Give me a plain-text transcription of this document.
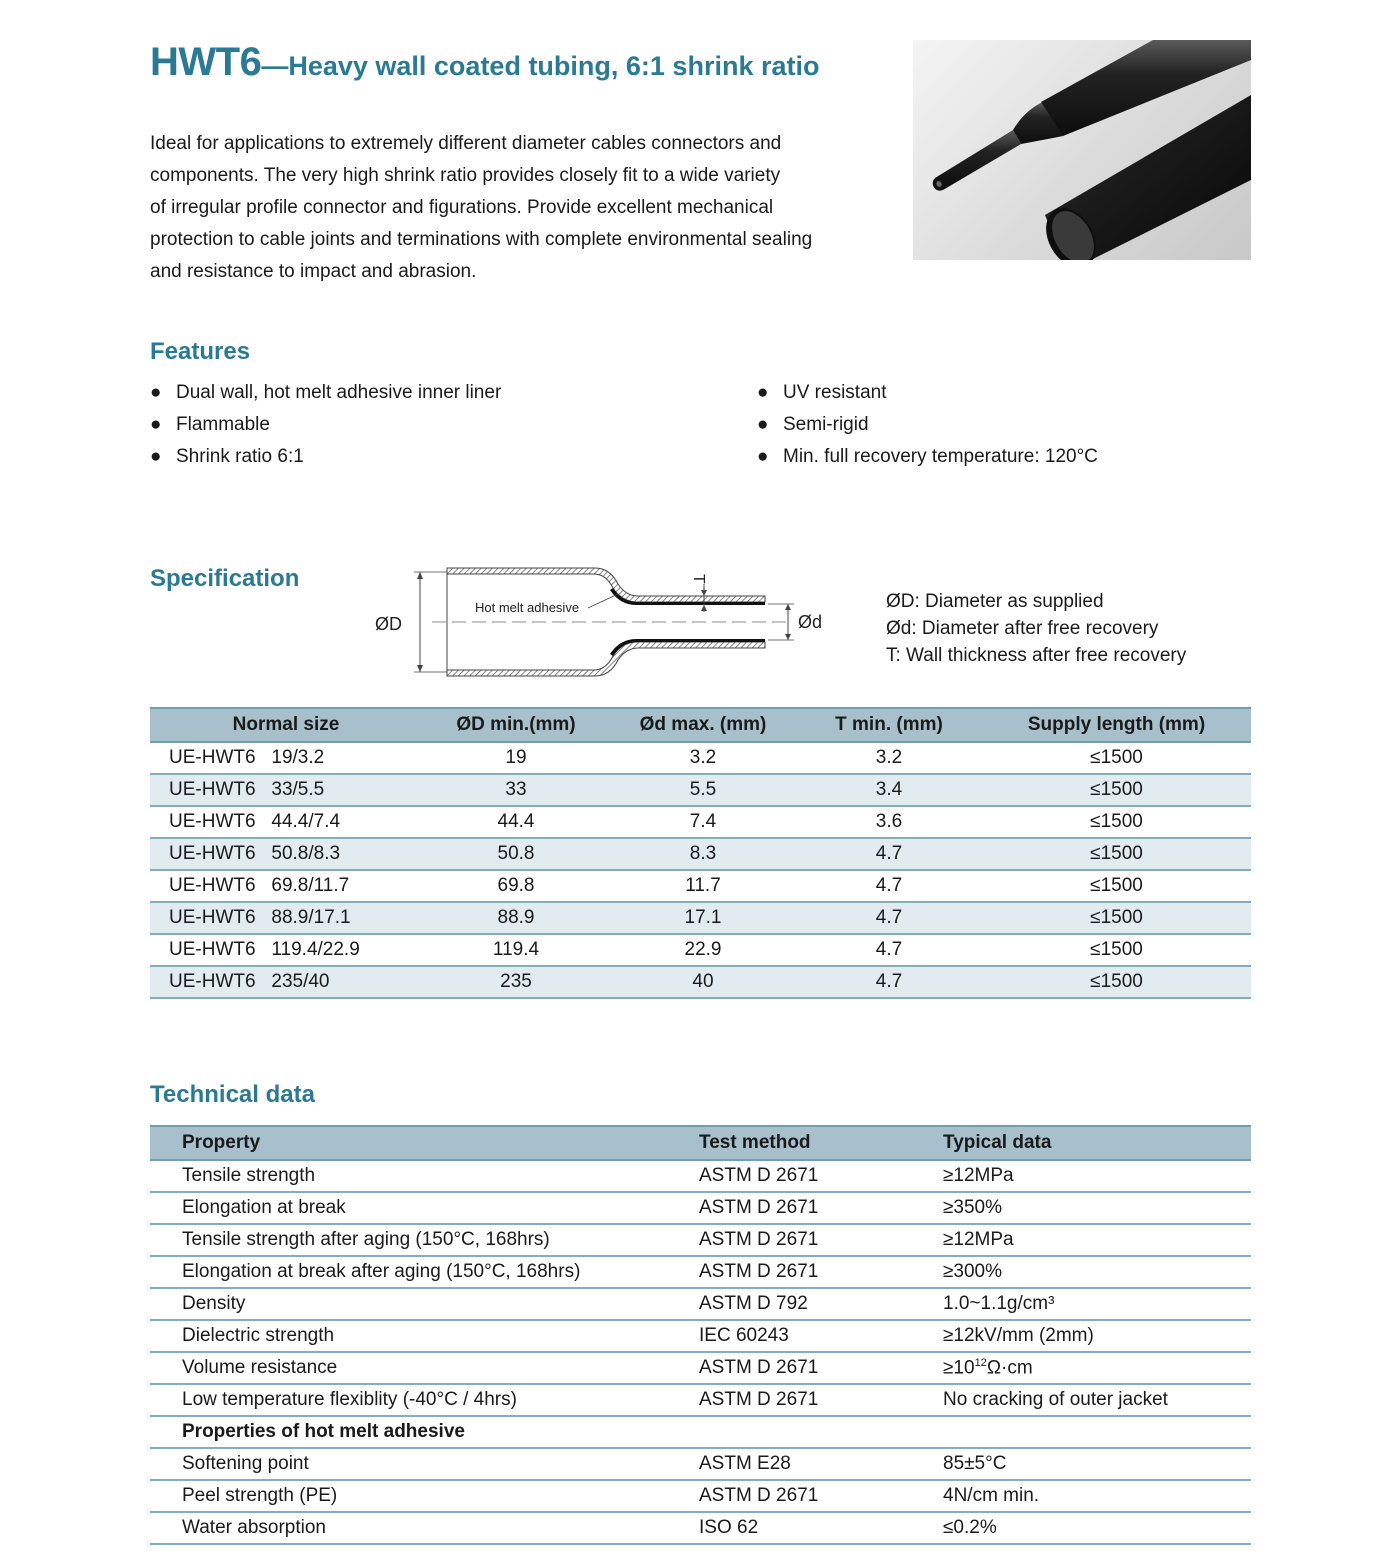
HWT6—Heavy wall coated tubing, 6:1 shrink ratio
Ideal for applications to extremely different diameter cables connectors and
components. The very high shrink ratio provides closely fit to a wide variety
of irregular profile connector and figurations. Provide excellent mechanical
protection to cable joints and terminations with complete environmental sealing
and resistance to impact and abrasion.
Features
● Dual wall, hot melt adhesive inner liner
● Flammable
● Shrink ratio 6:1
● UV resistant
● Semi-rigid
● Min. full recovery temperature: 120°C
Specification
ØD	Ød
Hot melt adhesive
T
ØD: Diameter as supplied
Ød: Diameter after free recovery
T: Wall thickness after free recovery
Normal size	ØD min.(mm)	Ød max. (mm)	T min. (mm)	Supply length (mm)
UE-HWT6   19/3.2	19	3.2	3.2	≤1500
UE-HWT6   33/5.5	33	5.5	3.4	≤1500
UE-HWT6   44.4/7.4	44.4	7.4	3.6	≤1500
UE-HWT6   50.8/8.3	50.8	8.3	4.7	≤1500
UE-HWT6   69.8/11.7	69.8	11.7	4.7	≤1500
UE-HWT6   88.9/17.1	88.9	17.1	4.7	≤1500
UE-HWT6   119.4/22.9	119.4	22.9	4.7	≤1500
UE-HWT6   235/40	235	40	4.7	≤1500
Technical data
Property	Test method	Typical data
Tensile strength	ASTM D 2671	≥12MPa
Elongation at break	ASTM D 2671	≥350%
Tensile strength after aging (150°C, 168hrs)	ASTM D 2671	≥12MPa
Elongation at break after aging (150°C, 168hrs)	ASTM D 2671	≥300%
Density	ASTM D 792	1.0~1.1g/cm³
Dielectric strength	IEC 60243	≥12kV/mm (2mm)
Volume resistance	ASTM D 2671	$\ge 10^{12}\Omega\cdot cm$
Low temperature flexiblity (-40°C / 4hrs)	ASTM D 2671	No cracking of outer jacket
Properties of hot melt adhesive		
Softening point	ASTM E28	85±5°C
Peel strength (PE)	ASTM D 2671	4N/cm min.
Water absorption	ISO 62	≤0.2%
